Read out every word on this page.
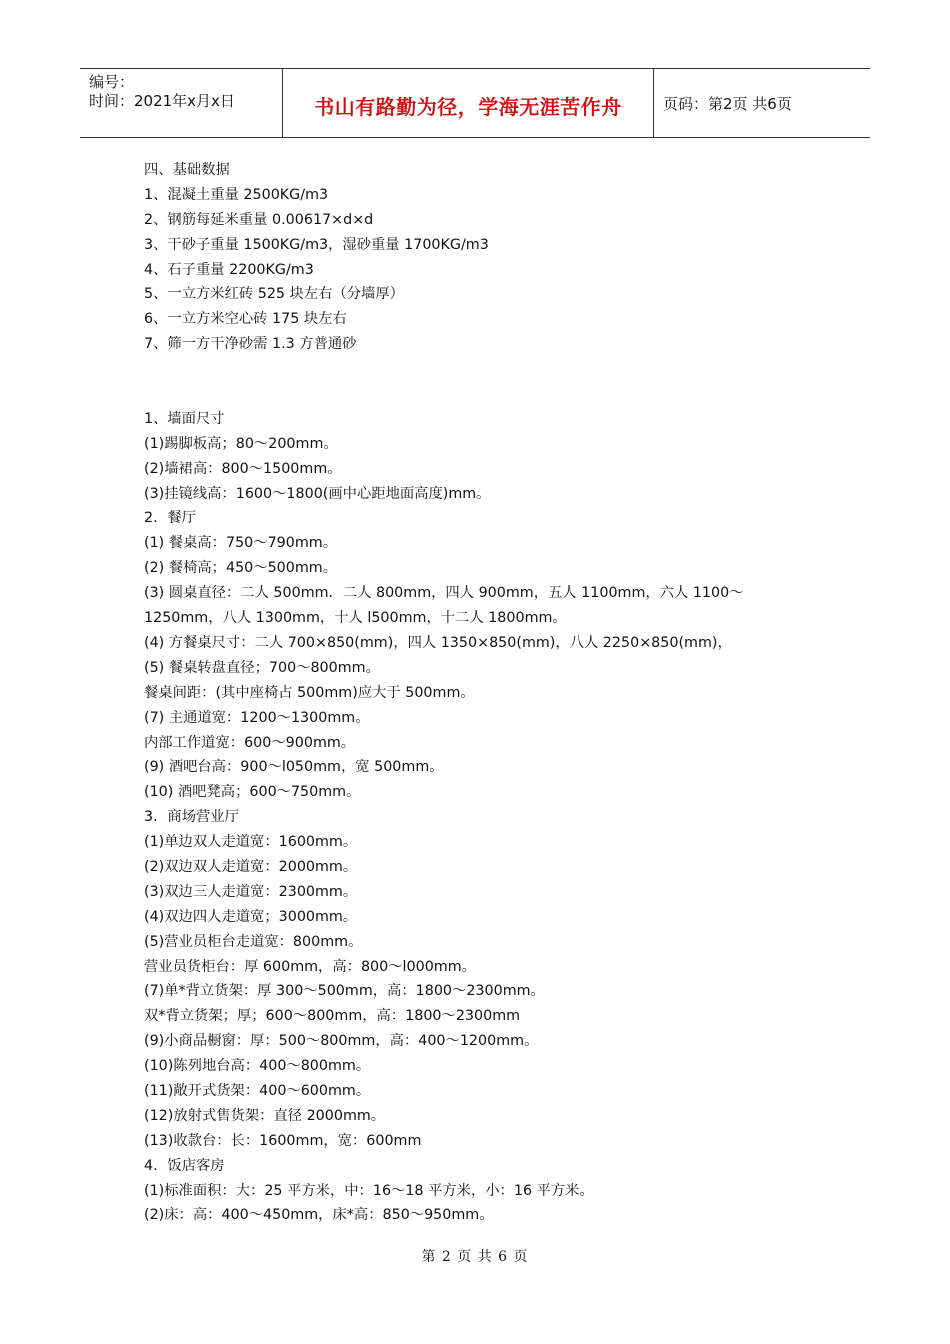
编号：
时间：2021年x月x日	书山有路勤为径，学海无涯苦作舟	页码：第2页 共6页
四、基础数据
1、混凝土重量 2500KG/m3
2、钢筋每延米重量 0.00617×d×d
3、干砂子重量 1500KG/m3，湿砂重量 1700KG/m3
4、石子重量 2200KG/m3
5、一立方米红砖 525 块左右（分墙厚）
6、一立方米空心砖 175 块左右
7、筛一方干净砂需 1.3 方普通砂
1、墙面尺寸
(1)踢脚板高；80～200mm。
(2)墙裙高：800～1500mm。
(3)挂镜线高：1600～1800(画中心距地面高度)mm。
2．餐厅
(1) 餐桌高：750～790mm。
(2) 餐椅高；450～500mm。
(3) 圆桌直径：二人 500mm．二人 800mm，四人 900mm，五人 1100mm，六人 1100～
1250mm，八人 1300mm，十人 l500mm，十二人 1800mm。
(4) 方餐桌尺寸：二人 700×850(mm)，四人 1350×850(mm)，八人 2250×850(mm)，
(5) 餐桌转盘直径；700～800mm。
餐桌间距：(其中座椅占 500mm)应大于 500mm。
(7) 主通道宽：1200～1300mm。
内部工作道宽：600～900mm。
(9) 酒吧台高：900～l050mm，宽 500mm。
(10) 酒吧凳高；600～750mm。
3．商场营业厅
(1)单边双人走道宽：1600mm。
(2)双边双人走道宽：2000mm。
(3)双边三人走道宽：2300mm。
(4)双边四人走道宽；3000mm。
(5)营业员柜台走道宽：800mm。
营业员货柜台：厚 600mm，高：800～l000mm。
(7)单*背立货架：厚 300～500mm，高：1800～2300mm。
双*背立货架；厚；600～800mm，高：1800～2300mm
(9)小商品橱窗：厚：500～800mm，高：400～1200mm。
(10)陈列地台高：400～800mm。
(11)敞开式货架：400～600mm。
(12)放射式售货架：直径 2000mm。
(13)收款台：长：1600mm，宽：600mm
4．饭店客房
(1)标准面积：大：25 平方米，中：16～18 平方米，小：16 平方米。
(2)床：高：400～450mm，床*高：850～950mm。
第 2 页 共 6 页
